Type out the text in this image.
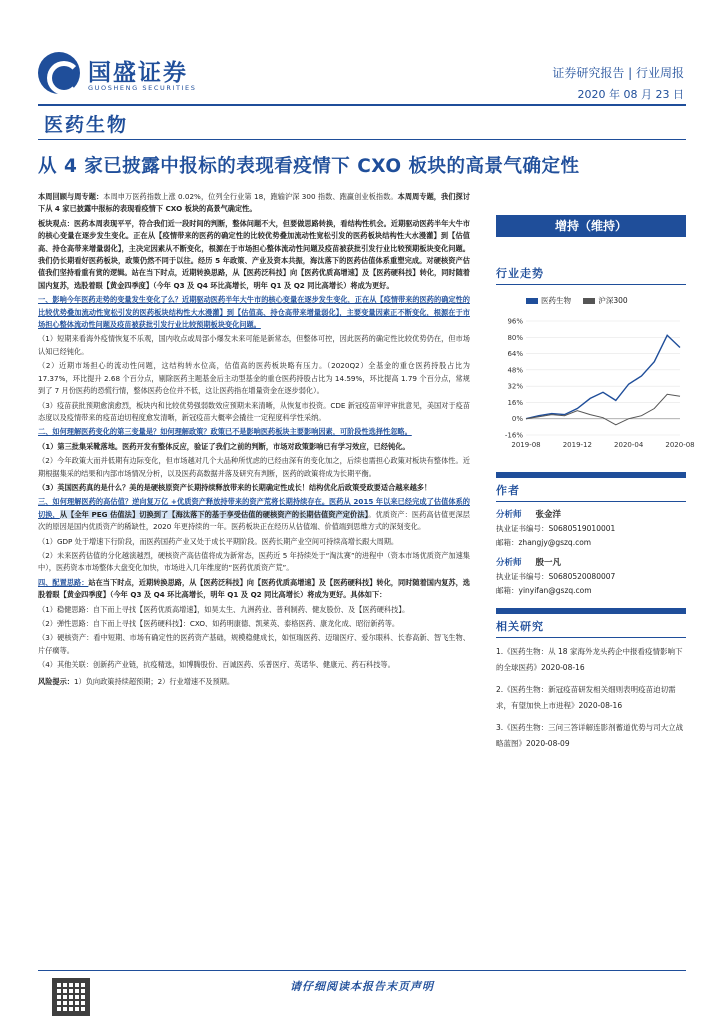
国盛证券
GUOSHENG SECURITIES
证券研究报告 | 行业周报
2020 年 08 月 23 日
医药生物
从 4 家已披露中报标的表现看疫情下 CXO 板块的高景气确定性

本周回顾与周专题：本周申万医药指数上涨 0.02%，位列全行业第 18，跑输沪深 300 指数、跑赢创业板指数。本周周专题，我们探讨下从 4 家已披露中报标的表现看疫情下 CXO 板块的高景气确定性。

板块观点：医药本周表现平平，符合我们近一段时间的判断，整体问题不大，但要做思路转换，看结构性机会。近期驱动医药半年大牛市的核心变量在逐步发生变化。正在从【疫情带来的医药的确定性的比较优势叠加流动性宽松引发的医药板块结构性大水漫灌】到【估值高、持仓高带来增量弱化】，主决定因素从不断变化，根源在于市场担心整体流动性问题及疫苗被获批引发行业比较预期板块变化问题。我们仍长期看好医药板块，政策仍然不同于以往。经历 5 年政策、产业及资本共振，海汰落下的医药估值体系重塑完成。对硬核资产估值我们坚持看重有赏的逻辑。站在当下时点，近期转换思路，从【医药泛科技】向【医药优质高增速】及【医药硬科技】转化，同时随着国内复苏，选股着眼【黄金四季度】（今年 Q3 及 Q4 环比高增长，明年 Q1 及 Q2 同比高增长）将成为更好。

一、影响今年医药走势的变量发生变化了么？近期驱动医药半年大牛市的核心变量在逐步发生变化，正在从【疫情带来的医药的确定性的比较优势叠加流动性宽松引发的医药板块结构性大水漫灌】到【估值高、持仓高带来增量弱化】，主要变量因素正不断变化，根源在于市场担心整体流动性问题及疫苗被获批引发行业比较预期板块变化问题。

（1）短期来看海外疫情恢复不乐观，国内收点或局部小爆发未来可能是新常态，但整体可控，因此医药的确定性比较优势仍在，但市场认知已经钝化。

（2）近期市场担心的流动性问题，这结构转水位高，估值高的医药板块略有压力。（2020Q2）全基金的重仓医药持股占比为 17.37%，环比提升 2.68 个百分点，剔除医药主题基金后主动型基金的重仓医药持股占比为 14.59%，环比提高 1.79 个百分点，常规到了 7 月份医药的恐慌行情，整体医药仓位并不低，这让医药指在增量资金在逐步弱化）。

（3）疫苗获批预期愈演愈烈，板块内和比较优势强弱数效应预期未来清晰，从恢复市投资。CDE 新冠疫苗审评审批意见，美国对于疫苗态度以及疫情带来的疫苗迫切程度愈发清晰，新冠疫苗大概率会撬往一定程度科学性采纳。

二、如何理解医药变化的第三变量是？如何理解政策？政策已不是影响医药板块主要影响因素，可阶段性选择性忽略。

（1）第三批集采靴落地。医药开发有整体反应，验证了我们之前的判断，市场对政策影响已有学习效应，已经钝化。

（2）今年政策大而并低期有边际变化，但市场越对几个大品种所忧虑的已经由深有的变化加之，后续也需担心政策对板块有整体性。近期根据集采的结果和内部市场情况分析，以及医药高数据并落及研究有判断，医药的政策将成为长期平衡。

（3）英国医药真的是什么？美的是硬核原资产长期持续释放带来的长期确定性成长！结构优化后政策受政要适合越来越多！

三、如何理解医药的高估值？逆向复万亿 +优质资产释放持带来的资产荒将长期持续存在。医药从 2015 年以来已经完成了估值体系的切换，从【全年 PEG 估值法】切换到了【海汰落下的基于享受估值的硬核资产的长期估值资产定价法】。优质资产：医药高估值更深层次的原因是国内优质资产的稀缺性，2020 年更持续的一年。医药板块正在经历从估值端、价值端到思维方式的深刻变化。

（1）GDP 处于增速下行阶段，而医药国药产业又处于成长平期阶段。医药长期产业空间可持续高增长跟大周期。

（2）未来医药估值的分化越演越烈，硬核资产高估值将成为新常态，医药近 5 年持续处于“淘汰赛”的进程中（资本市场优质资产加速集中），医药资本市场整体大盘变化加快，市场进入几年维度的“医药优质资产荒”。

四、配置思路：站在当下时点，近期转换思路，从【医药泛科技】向【医药优质高增速】及【医药硬科技】转化，同时随着国内复苏，选股着眼【黄金四季度】（今年 Q3 及 Q4 环比高增长，明年 Q1 及 Q2 同比高增长）将成为更好。具体如下：

（1）稳健思路：自下而上寻找【医药优质高增速】，如昊太生、九洲药业、普利制药、健友股份、及【医药硬科技】。

（2）弹性思路：自下而上寻找【医药硬科技】：CXO、如药明康德、凯莱英、泰格医药、康龙化成、昭衍新药等。

（3）硬核资产：看中短期、市场有确定性的医药资产基础，规模稳健成长，如恒瑞医药、迈瑞医疗、爱尔眼科、长春高新、智飞生物、片仔癀等。

（4）其他关联：创新药产业链，抗疫精选，如博腾股份、百诚医药、乐普医疗、英诺华、健康元、药石科技等。

风险提示：1）负向政策持续超预期；2）行业增速不及预期。

增持（维持）
行业走势
医药生物	沪深300
96%
80%
64%
48%
32%
16%
0%
-16%
2019-08	2019-12	2020-04	2020-08
作者
分析师 张金洋
执业证书编号：S0680519010001
邮箱：zhangjy@gszq.com
分析师 殷一凡
执业证书编号：S0680520080007
邮箱：yinyifan@gszq.com
相关研究
1.《医药生物：从 18 家海外龙头药企中报看疫情影响下的全球医药》2020-08-16
2.《医药生物：新冠疫苗研发相关细则表明疫苗迫切需求，有望加快上市进程》2020-08-16
3.《医药生物：三问三答详解连影剂蓄道优势与司大立战略蓝图》2020-08-09
请仔细阅读本报告末页声明
